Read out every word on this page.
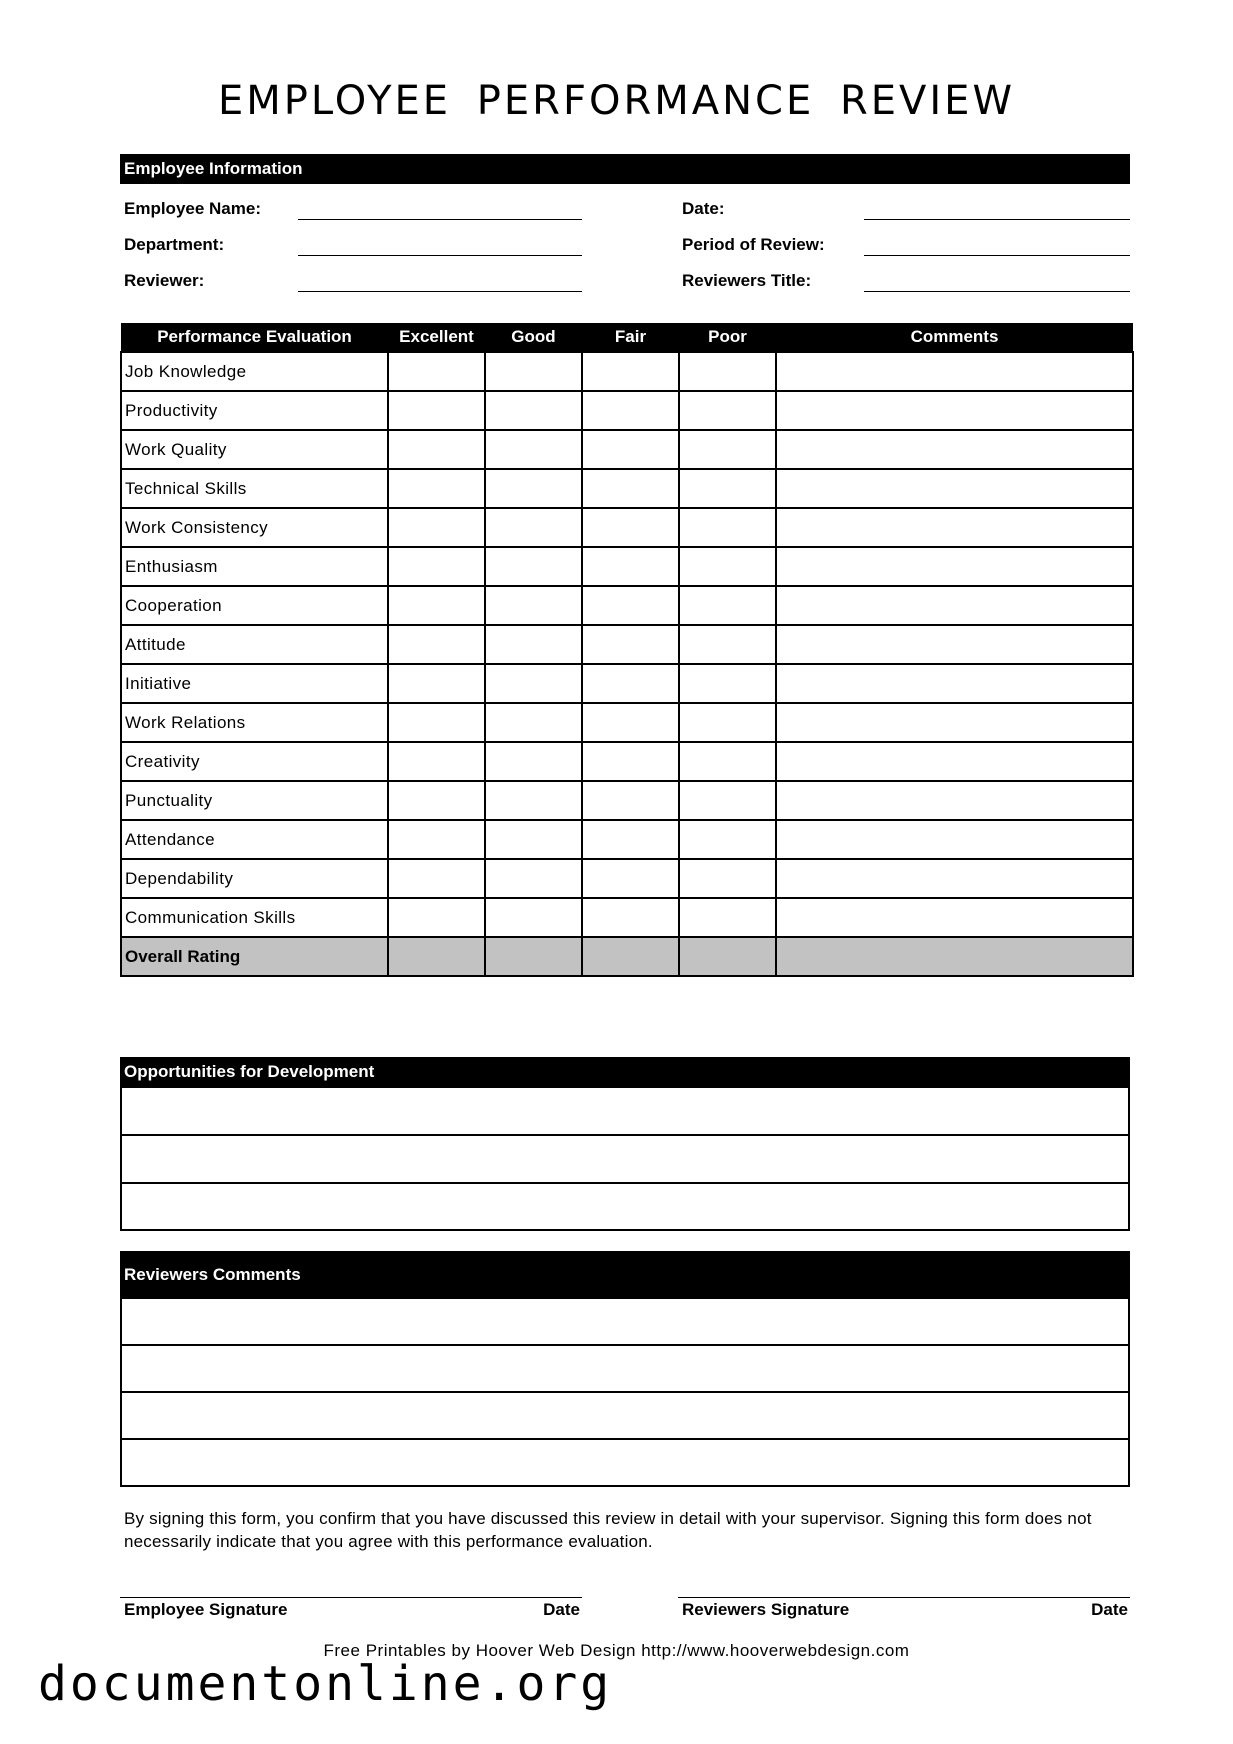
EMPLOYEE PERFORMANCE REVIEW
Employee Information
Employee Name:
Department:
Reviewer:
Date:
Period of Review:
Reviewers Title:
Performance Evaluation	Excellent	Good	Fair	Poor	Comments
Job Knowledge					
Productivity					
Work Quality					
Technical Skills					
Work Consistency					
Enthusiasm					
Cooperation					
Attitude					
Initiative					
Work Relations					
Creativity					
Punctuality					
Attendance					
Dependability					
Communication Skills					
Overall Rating					
Opportunities for Development
Reviewers Comments
By signing this form, you confirm that you have discussed this review in detail with your supervisor. Signing this form does not necessarily indicate that you agree with this performance evaluation.
Employee Signature	Date	Reviewers Signature	Date
Free Printables by Hoover Web Design http://www.hooverwebdesign.com
documentonline.org
